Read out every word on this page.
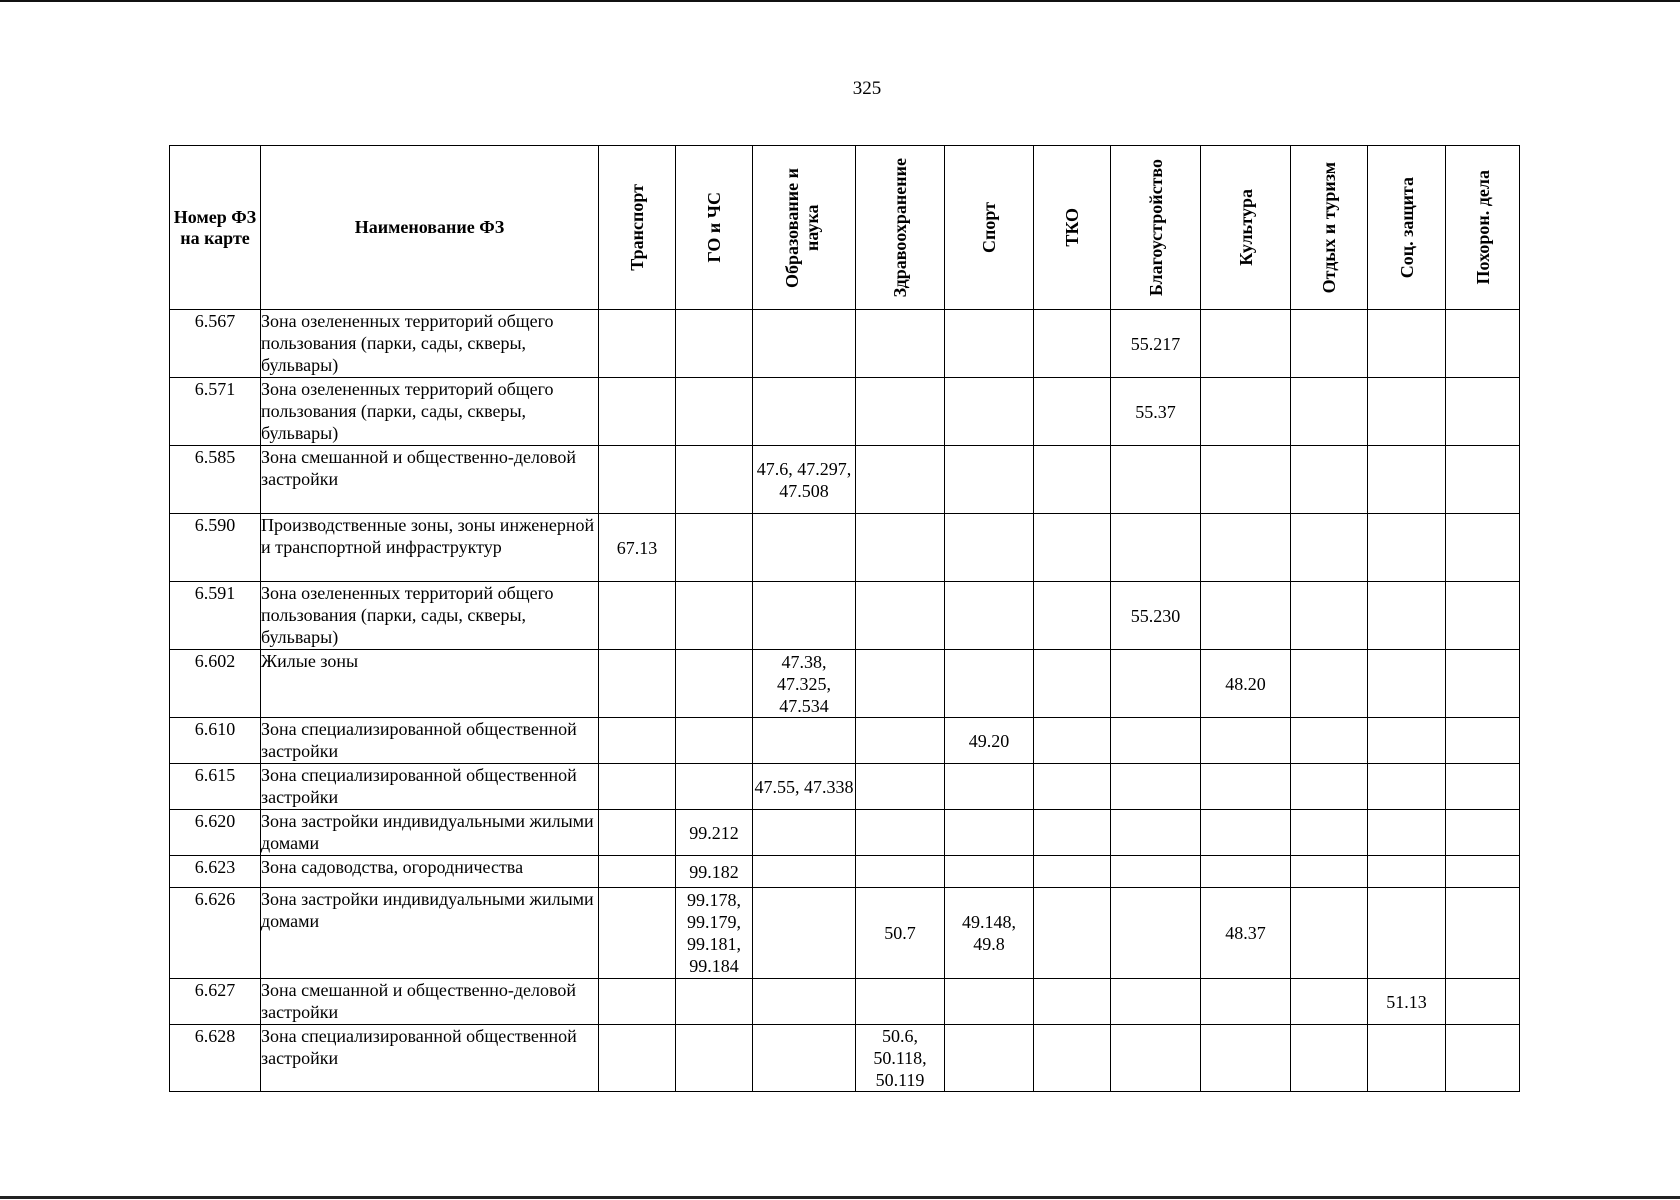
325
Номер ФЗ на карте	Наименование ФЗ	Транспорт	ГО и ЧС	Образование и наука	Здравоохранение	Спорт	ТКО	Благоустройство	Культура	Отдых и туризм	Соц. защита	Похорон. дела

6.567	Зона озелененных территорий общего пользования (парки, сады, скверы, бульвары)							55.217				
6.571	Зона озелененных территорий общего пользования (парки, сады, скверы, бульвары)							55.37				
6.585	Зона смешанной и общественно-деловой застройки			47.6, 47.297, 47.508								
6.590	Производственные зоны, зоны инженерной и транспортной инфраструктур	67.13										
6.591	Зона озелененных территорий общего пользования (парки, сады, скверы, бульвары)							55.230				
6.602	Жилые зоны			47.38, 47.325, 47.534					48.20			
6.610	Зона специализированной общественной застройки					49.20						
6.615	Зона специализированной общественной застройки			47.55, 47.338								
6.620	Зона застройки индивидуальными жилыми домами		99.212									
6.623	Зона садоводства, огородничества		99.182									
6.626	Зона застройки индивидуальными жилыми домами		99.178, 99.179, 99.181, 99.184		50.7	49.148, 49.8			48.37			
6.627	Зона смешанной и общественно-деловой застройки										51.13	
6.628	Зона специализированной общественной застройки				50.6, 50.118, 50.119							
